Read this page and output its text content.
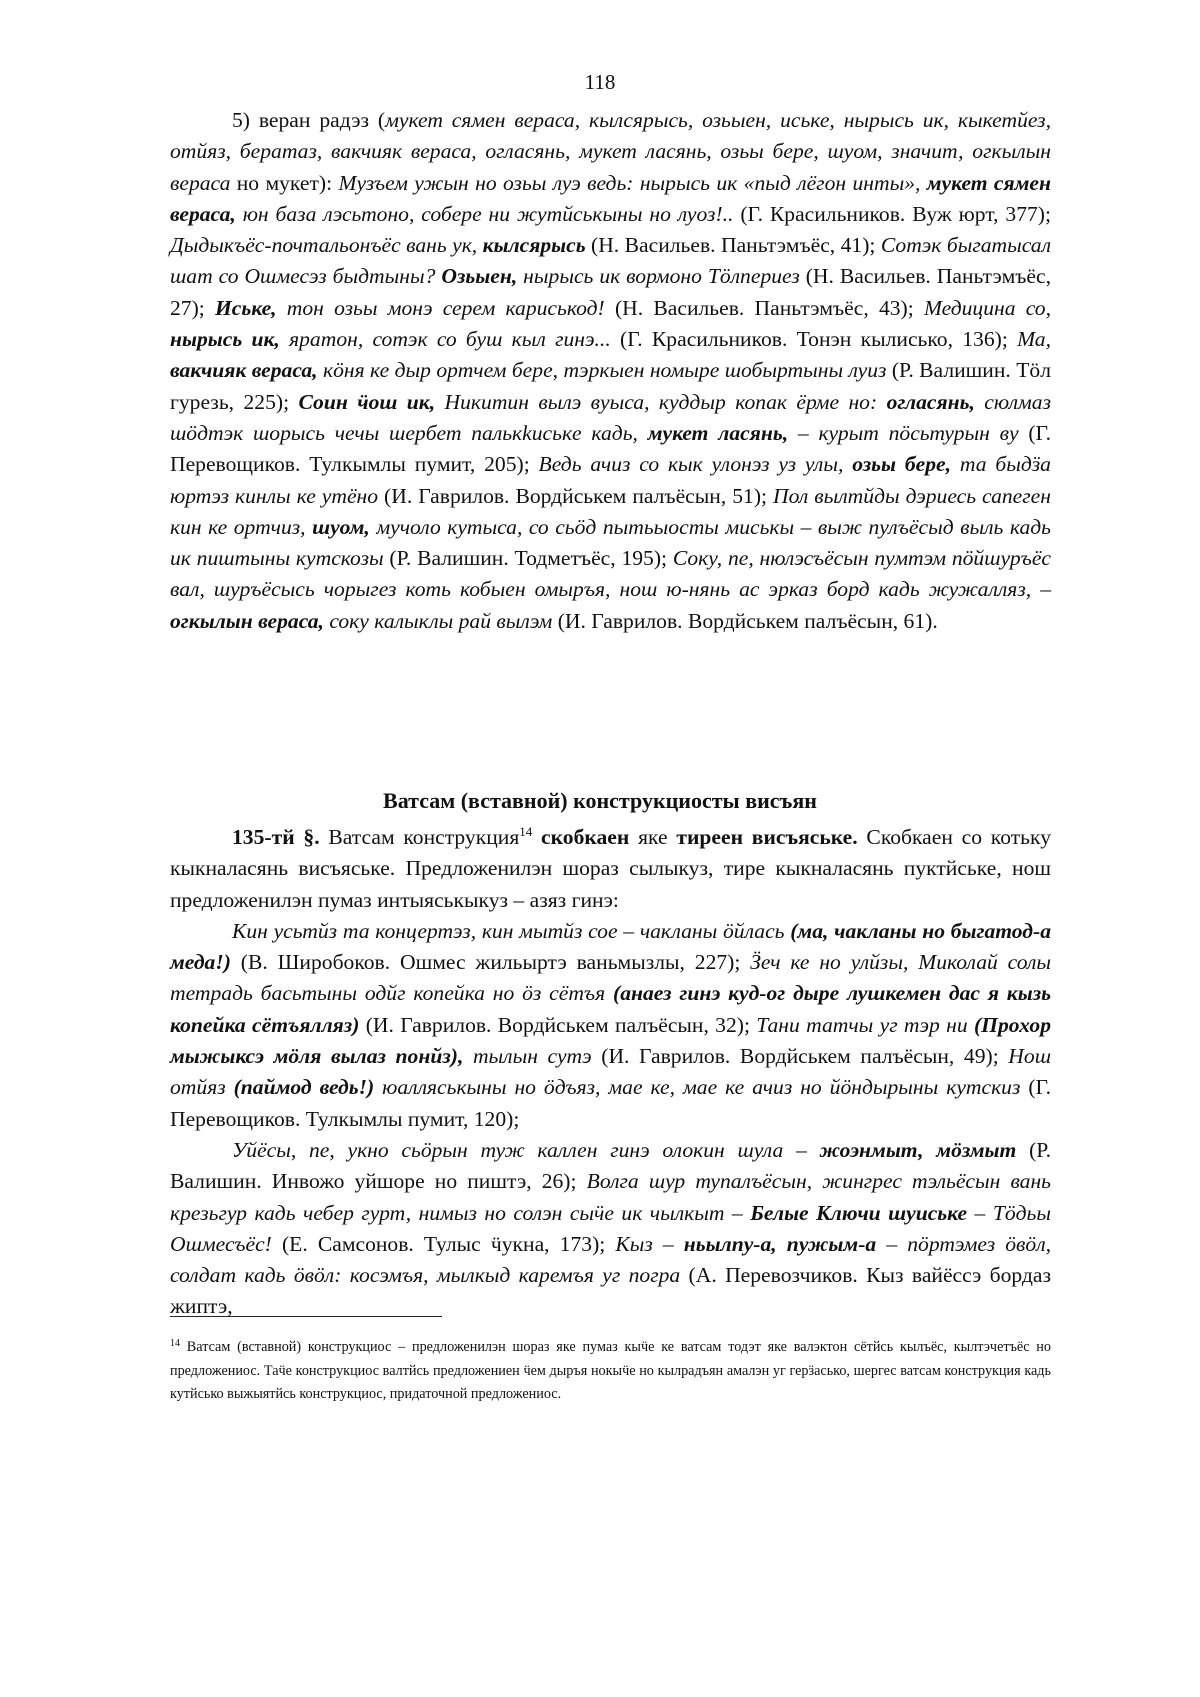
118

5) веран радэз (мукет сямен вераса, кылсярысь, озьыен, иське, нырысь ик, кыкетйез, отйяз, бератаз, вакчияк вераса, огласянь, мукет ласянь, озьы бере, шуом, значит, огкылын вераса но мукет): Музъем ужын но озьы луэ ведь: нырысь ик «пыд лёгон инты», мукет сямен вераса, юн база лэсьтоно, собере ни жутйськыны но луоз!.. (Г. Красильников. Вуж юрт, 377); Дыдыкъёс-почтальонъёс вань ук, кылсярысь (Н. Васильев. Паньтэмъёс, 41); Сотэк быгатысал шат со Ошмесэз быдтыны? Озьыен, нырысь ик вормоно Тӧлпериез (Н. Васильев. Паньтэмъёс, 27); Иське, тон озьы монэ серем кариськод! (Н. Васильев. Паньтэмъёс, 43); Медицина со, нырысь ик, яратон, сотэк со буш кыл гинэ... (Г. Красильников. Тонэн кылисько, 136); Ма, вакчияк вераса, кӧня ке дыр ортчем бере, тэркыен номыре шобыртыны луиз (Р. Валишин. Тӧл гурезь, 225); Соин ӵош ик, Никитин вылэ вуыса, куддыр копак ёрме но: огласянь, сюлмаз шӧдтэк шорысь чечы шербет палькkиськe кадь, мукет ласянь, – курыт пӧсьтурын ву (Г. Перевощиков. Тулкымлы пумит, 205); Ведь ачиз со кык улонэз уз улы, озьы бере, та быдӟа юртэз кинлы ке утёно (И. Гаврилов. Вордйськем палъёсын, 51); Пол вылтйды дэриесь сапеген кин ке ортчиз, шуом, мучоло кутыса, со сьӧд пытьыосты миськы – выж пулъёсыд выль кадь ик пиштыны кутскозы (Р. Валишин. Тодметъёс, 195); Соку, пе, нюлэсъёсын пумтэм пӧйшуръёс вал, шуръёсысь чорыгез коть кобыен омыръя, нош ю-нянь ас эрказ борд кадь жужалляз, – огкылын вераса, соку калыклы рай вылэм (И. Гаврилов. Вордйськем палъёсын, 61).

Ватсам (вставной) конструкциосты висъян

135-тй §. Ватсам конструкция$^{14}$ скобкаен яке тиреен висъяське. Скобкаен со котьку кыкналасянь висъяське. Предложенилэн шораз сылыкуз, тире кыкналасянь пуктйське, нош предложенилэн пумаз интыяськыкуз – азяз гинэ:

Кин усьтйз та концертэз, кин мытйз сое – чакланы ӧйлась (ма, чакланы но быгатод-а меда!) (В. Широбоков. Ошмес жильыртэ ваньмызлы, 227); Ӟеч ке но улйзы, Миколай солы тетрадь басьтыны одйг копейка но ӧз сётъя (анаез гинэ куд-ог дыре лушкемен дас я кызь копейка сётъялляз) (И. Гаврилов. Вордйськем палъёсын, 32); Тани татчы уг тэр ни (Прохор мыжыксэ мӧля вылаз понйз), тылын сутэ (И. Гаврилов. Вордйськем палъёсын, 49); Нош отйяз (паймод ведь!) юалляськыны но ӧдъяз, мае ке, мае ке ачиз но йӧндырыны кутскиз (Г. Перевощиков. Тулкымлы пумит, 120);

Уйёсы, пе, укно сьӧрын туж каллен гинэ олокин шула – жоэнмыт, мӧзмыт (Р. Валишин. Инвожо уйшоре но пиштэ, 26); Волга шур тупалъёсын, жингрес тэльёсын вань крезьгур кадь чебер гурт, нимыз но солэн сыӵе ик чылкыт – Белые Ключи шуиське – Тӧдьы Ошмесъёс! (Е. Самсонов. Тулыс ӵукна, 173); Кыз – ньылпу-а, пужым-а – пӧртэмез ӧвӧл, солдат кадь ӧвӧл: косэмъя, мылкыд каремъя уг погра (А. Перевозчиков. Кыз вайёссэ бордаз жиптэ,

$^{14}$ Ватсам (вставной) конструкциос – предложенилэн шораз яке пумаз кыӵе ке ватсам тодэт яке валэктон сётйсь кылъёс, кылтэчетъёс но предложениос. Таӵе конструкциос валтйсь предложениен ӵем дыръя нокыӵе но кылрадъян амалэн уг герӟасько, шергес ватсам конструкция кадь кутйсько выжыятйсь конструкциос, придаточной предложениос.
